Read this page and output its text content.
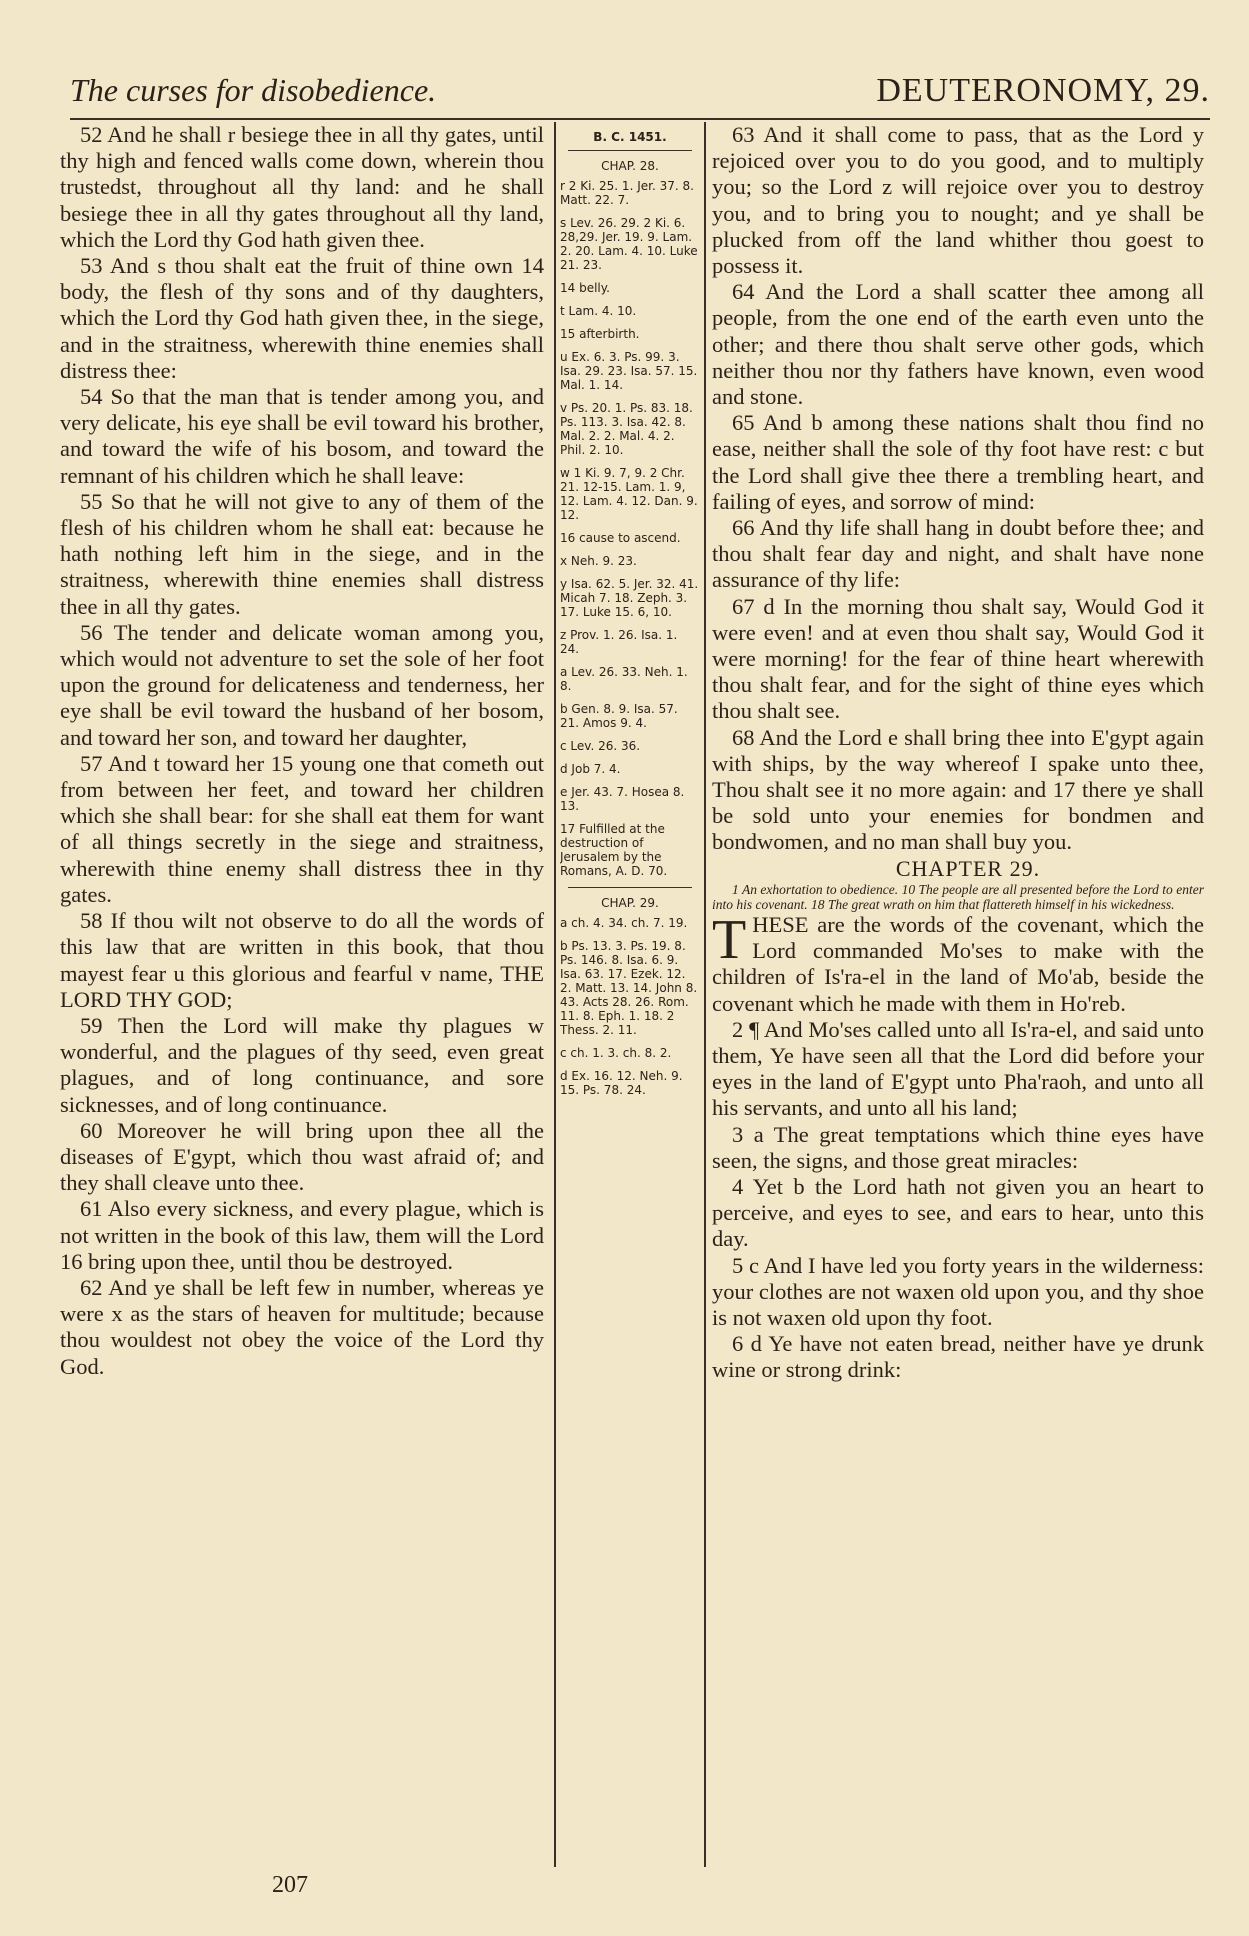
The curses for disobedience.	DEUTERONOMY, 29.

52 And he shall r besiege thee in all thy gates, until thy high and fenced walls come down, wherein thou trustedst, throughout all thy land: and he shall besiege thee in all thy gates throughout all thy land, which the Lord thy God hath given thee.

53 And s thou shalt eat the fruit of thine own 14 body, the flesh of thy sons and of thy daughters, which the Lord thy God hath given thee, in the siege, and in the straitness, wherewith thine enemies shall distress thee:

54 So that the man that is tender among you, and very delicate, his eye shall be evil toward his brother, and toward the wife of his bosom, and toward the remnant of his children which he shall leave:

55 So that he will not give to any of them of the flesh of his children whom he shall eat: because he hath nothing left him in the siege, and in the straitness, wherewith thine enemies shall distress thee in all thy gates.

56 The tender and delicate woman among you, which would not adventure to set the sole of her foot upon the ground for delicateness and tenderness, her eye shall be evil toward the husband of her bosom, and toward her son, and toward her daughter,

57 And t toward her 15 young one that cometh out from between her feet, and toward her children which she shall bear: for she shall eat them for want of all things secretly in the siege and straitness, wherewith thine enemy shall distress thee in thy gates.

58 If thou wilt not observe to do all the words of this law that are written in this book, that thou mayest fear u this glorious and fearful v name, THE LORD THY GOD;

59 Then the Lord will make thy plagues w wonderful, and the plagues of thy seed, even great plagues, and of long continuance, and sore sicknesses, and of long continuance.

60 Moreover he will bring upon thee all the diseases of E'gypt, which thou wast afraid of; and they shall cleave unto thee.

61 Also every sickness, and every plague, which is not written in the book of this law, them will the Lord 16 bring upon thee, until thou be destroyed.

62 And ye shall be left few in number, whereas ye were x as the stars of heaven for multitude; because thou wouldest not obey the voice of the Lord thy God.

B. C. 1451.
CHAP. 28.
r 2 Ki. 25. 1. Jer. 37. 8. Matt. 22. 7.
s Lev. 26. 29. 2 Ki. 6. 28,29. Jer. 19. 9. Lam. 2. 20. Lam. 4. 10. Luke 21. 23.
14 belly.
t Lam. 4. 10.
15 afterbirth.
u Ex. 6. 3. Ps. 99. 3. Isa. 29. 23. Isa. 57. 15. Mal. 1. 14.
v Ps. 20. 1. Ps. 83. 18. Ps. 113. 3. Isa. 42. 8. Mal. 2. 2. Mal. 4. 2. Phil. 2. 10.
w 1 Ki. 9. 7, 9. 2 Chr. 21. 12-15. Lam. 1. 9, 12. Lam. 4. 12. Dan. 9. 12.
16 cause to ascend.
x Neh. 9. 23.
y Isa. 62. 5. Jer. 32. 41. Micah 7. 18. Zeph. 3. 17. Luke 15. 6, 10.
z Prov. 1. 26. Isa. 1. 24.
a Lev. 26. 33. Neh. 1. 8.
b Gen. 8. 9. Isa. 57. 21. Amos 9. 4.
c Lev. 26. 36.
d Job 7. 4.
e Jer. 43. 7. Hosea 8. 13.
17 Fulfilled at the destruction of Jerusalem by the Romans, A. D. 70.
CHAP. 29.
a ch. 4. 34. ch. 7. 19.
b Ps. 13. 3. Ps. 19. 8. Ps. 146. 8. Isa. 6. 9. Isa. 63. 17. Ezek. 12. 2. Matt. 13. 14. John 8. 43. Acts 28. 26. Rom. 11. 8. Eph. 1. 18. 2 Thess. 2. 11.
c ch. 1. 3. ch. 8. 2.
d Ex. 16. 12. Neh. 9. 15. Ps. 78. 24.

63 And it shall come to pass, that as the Lord y rejoiced over you to do you good, and to multiply you; so the Lord z will rejoice over you to destroy you, and to bring you to nought; and ye shall be plucked from off the land whither thou goest to possess it.

64 And the Lord a shall scatter thee among all people, from the one end of the earth even unto the other; and there thou shalt serve other gods, which neither thou nor thy fathers have known, even wood and stone.

65 And b among these nations shalt thou find no ease, neither shall the sole of thy foot have rest: c but the Lord shall give thee there a trembling heart, and failing of eyes, and sorrow of mind:

66 And thy life shall hang in doubt before thee; and thou shalt fear day and night, and shalt have none assurance of thy life:

67 d In the morning thou shalt say, Would God it were even! and at even thou shalt say, Would God it were morning! for the fear of thine heart wherewith thou shalt fear, and for the sight of thine eyes which thou shalt see.

68 And the Lord e shall bring thee into E'gypt again with ships, by the way whereof I spake unto thee, Thou shalt see it no more again: and 17 there ye shall be sold unto your enemies for bondmen and bondwomen, and no man shall buy you.

CHAPTER 29.

1 An exhortation to obedience. 10 The people are all presented before the Lord to enter into his covenant. 18 The great wrath on him that flattereth himself in his wickedness.

THESE are the words of the covenant, which the Lord commanded Mo'ses to make with the children of Is'ra-el in the land of Mo'ab, beside the covenant which he made with them in Ho'reb.

2 ¶ And Mo'ses called unto all Is'ra-el, and said unto them, Ye have seen all that the Lord did before your eyes in the land of E'gypt unto Pha'raoh, and unto all his servants, and unto all his land;

3 a The great temptations which thine eyes have seen, the signs, and those great miracles:

4 Yet b the Lord hath not given you an heart to perceive, and eyes to see, and ears to hear, unto this day.

5 c And I have led you forty years in the wilderness: your clothes are not waxen old upon you, and thy shoe is not waxen old upon thy foot.

6 d Ye have not eaten bread, neither have ye drunk wine or strong drink:

207
